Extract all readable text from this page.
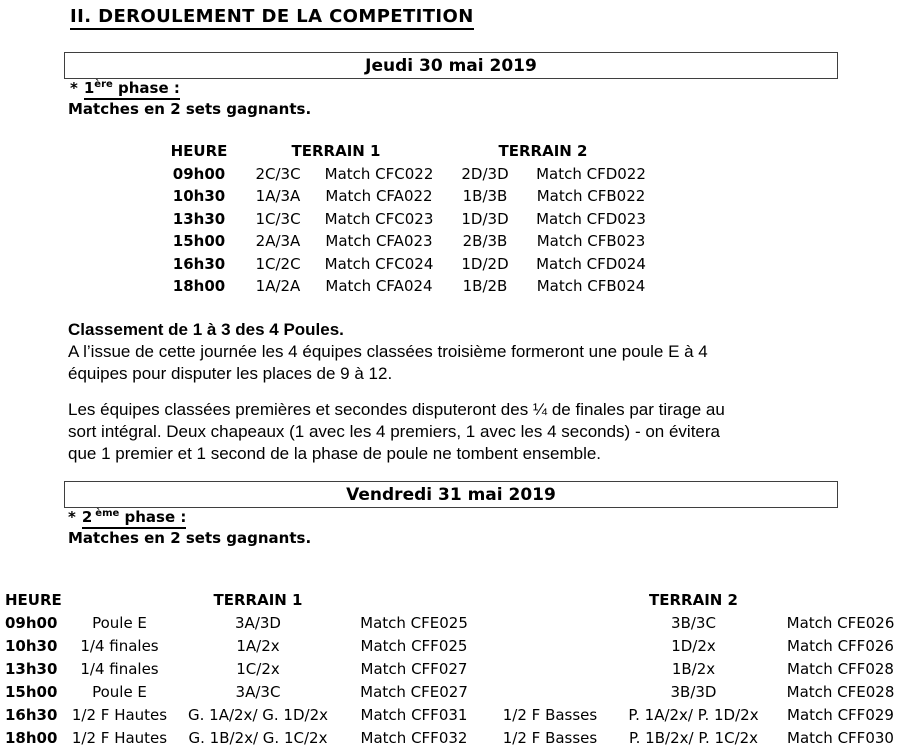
II. DEROULEMENT DE LA COMPETITION
Jeudi 30 mai 2019
* 1ère phase :
Matches en 2 sets gagnants.
HEURE	TERRAIN 1		TERRAIN 2	
09h00	2C/3C	Match CFC022	2D/3D	Match CFD022
10h30	1A/3A	Match CFA022	1B/3B	Match CFB022
13h30	1C/3C	Match CFC023	1D/3D	Match CFD023
15h00	2A/3A	Match CFA023	2B/3B	Match CFB023
16h30	1C/2C	Match CFC024	1D/2D	Match CFD024
18h00	1A/2A	Match CFA024	1B/2B	Match CFB024
Classement de 1 à 3 des 4 Poules.
A l’issue de cette journée les 4 équipes classées troisième formeront une poule E à 4
équipes pour disputer les places de 9 à 12.
Les équipes classées premières et secondes disputeront des ¼ de finales par tirage au
sort intégral. Deux chapeaux (1 avec les 4 premiers, 1 avec les 4 seconds) - on évitera
que 1 premier et 1 second de la phase de poule ne tombent ensemble.
Vendredi 31 mai 2019
* 2 $^{ème}$ phase :
Matches en 2 sets gagnants.
HEURE		TERRAIN 1			TERRAIN 2	
09h00	Poule E	3A/3D	Match CFE025		3B/3C	Match CFE026
10h30	1/4 finales	1A/2x	Match CFF025		1D/2x	Match CFF026
13h30	1/4 finales	1C/2x	Match CFF027		1B/2x	Match CFF028
15h00	Poule E	3A/3C	Match CFE027		3B/3D	Match CFE028
16h30	1/2 F Hautes	G. 1A/2x/ G. 1D/2x	Match CFF031	1/2 F Basses	P. 1A/2x/ P. 1D/2x	Match CFF029
18h00	1/2 F Hautes	G. 1B/2x/ G. 1C/2x	Match CFF032	1/2 F Basses	P. 1B/2x/ P. 1C/2x	Match CFF030
